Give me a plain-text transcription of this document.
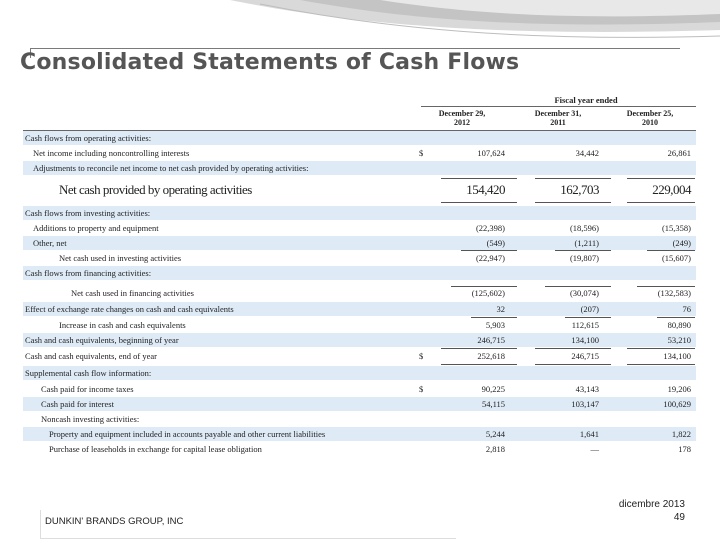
Consolidated Statements of Cash Flows
Fiscal year ended
December 29,
2012
December 31,
2011
December 25,
2010
Cash flows from operating activities:
Net income including noncontrolling interests	$	107,624	34,442	26,861
Adjustments to reconcile net income to net cash provided by operating activities:
Net cash provided by operating activities	154,420	162,703	229,004
Cash flows from investing activities:
Additions to property and equipment	(22,398)	(18,596)	(15,358)
Other, net	(549)	(1,211)	(249)
Net cash used in investing activities	(22,947)	(19,807)	(15,607)
Cash flows from financing activities:
Net cash used in financing activities	(125,602)	(30,074)	(132,583)
Effect of exchange rate changes on cash and cash equivalents	32	(207)	76
Increase in cash and cash equivalents	5,903	112,615	80,890
Cash and cash equivalents, beginning of year	246,715	134,100	53,210
Cash and cash equivalents, end of year	$	252,618	246,715	134,100
Supplemental cash flow information:
Cash paid for income taxes	$	90,225	43,143	19,206
Cash paid for interest	54,115	103,147	100,629
Noncash investing activities:
Property and equipment included in accounts payable and other current liabilities	5,244	1,641	1,822
Purchase of leaseholds in exchange for capital lease obligation	2,818	—	178
DUNKIN' BRANDS GROUP, INC
dicembre 2013
49
